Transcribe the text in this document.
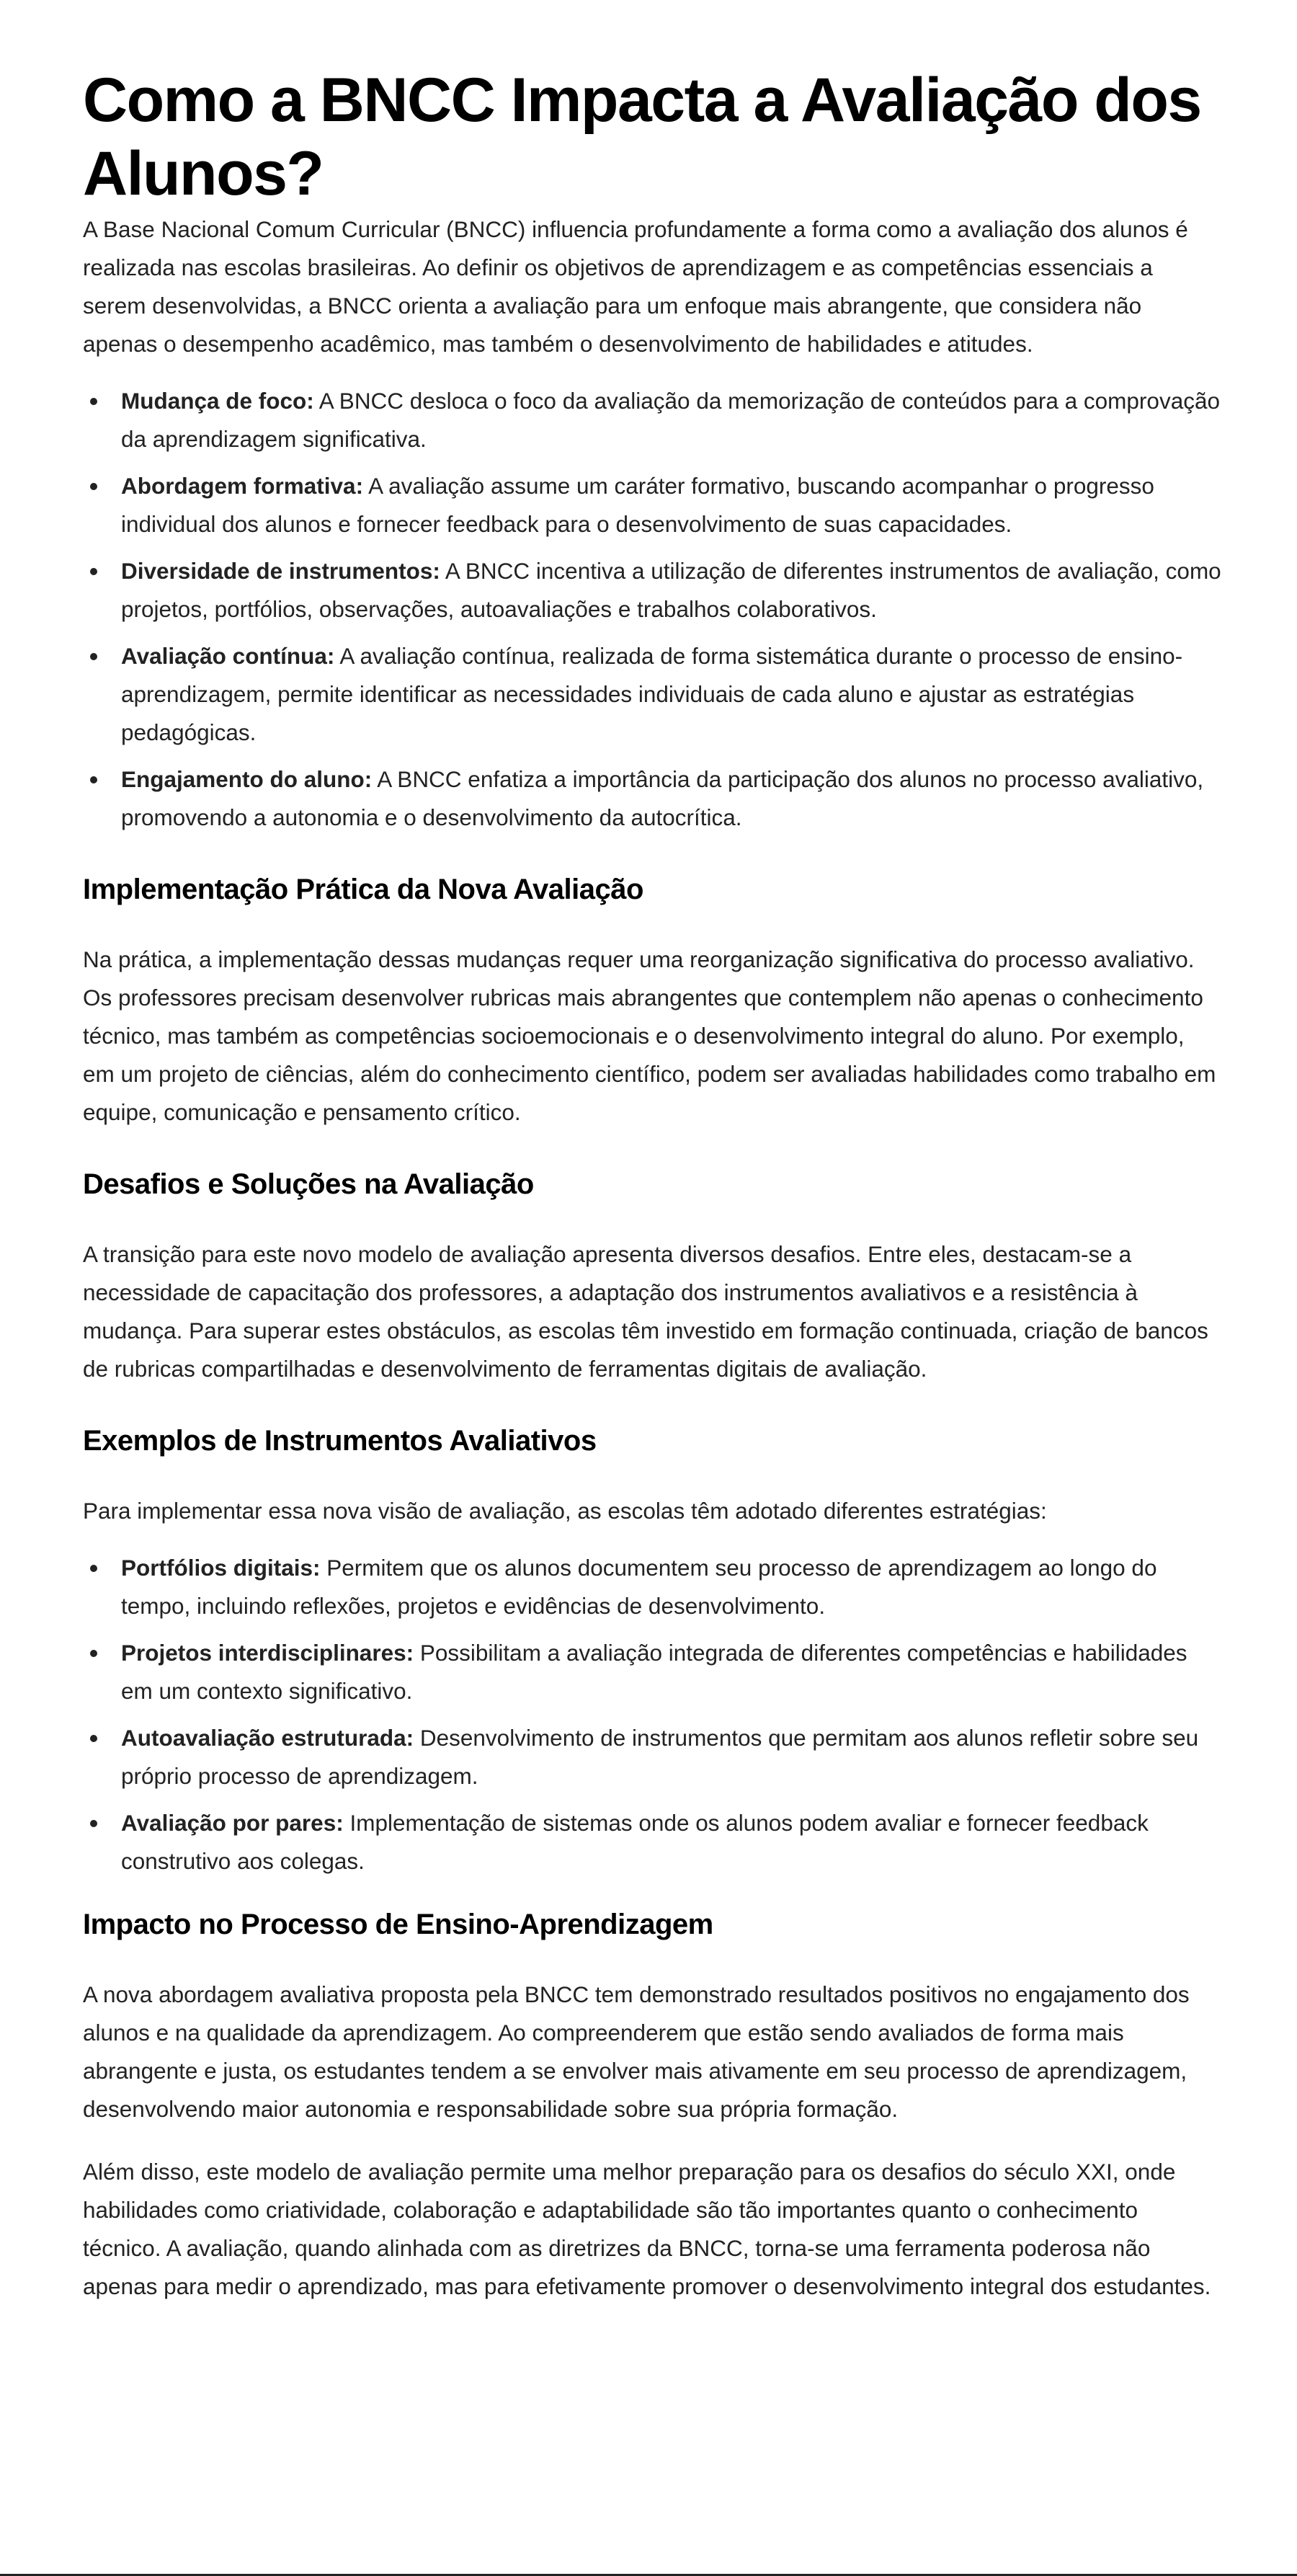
Como a BNCC Impacta a Avaliação dos Alunos?

A Base Nacional Comum Curricular (BNCC) influencia profundamente a forma como a avaliação dos alunos é realizada nas escolas brasileiras. Ao definir os objetivos de aprendizagem e as competências essenciais a serem desenvolvidas, a BNCC orienta a avaliação para um enfoque mais abrangente, que considera não apenas o desempenho acadêmico, mas também o desenvolvimento de habilidades e atitudes.

Mudança de foco: A BNCC desloca o foco da avaliação da memorização de conteúdos para a comprovação da aprendizagem significativa.
Abordagem formativa: A avaliação assume um caráter formativo, buscando acompanhar o progresso individual dos alunos e fornecer feedback para o desenvolvimento de suas capacidades.
Diversidade de instrumentos: A BNCC incentiva a utilização de diferentes instrumentos de avaliação, como projetos, portfólios, observações, autoavaliações e trabalhos colaborativos.
Avaliação contínua: A avaliação contínua, realizada de forma sistemática durante o processo de ensino-aprendizagem, permite identificar as necessidades individuais de cada aluno e ajustar as estratégias pedagógicas.
Engajamento do aluno: A BNCC enfatiza a importância da participação dos alunos no processo avaliativo, promovendo a autonomia e o desenvolvimento da autocrítica.
Implementação Prática da Nova Avaliação

Na prática, a implementação dessas mudanças requer uma reorganização significativa do processo avaliativo. Os professores precisam desenvolver rubricas mais abrangentes que contemplem não apenas o conhecimento técnico, mas também as competências socioemocionais e o desenvolvimento integral do aluno. Por exemplo, em um projeto de ciências, além do conhecimento científico, podem ser avaliadas habilidades como trabalho em equipe, comunicação e pensamento crítico.

Desafios e Soluções na Avaliação

A transição para este novo modelo de avaliação apresenta diversos desafios. Entre eles, destacam-se a necessidade de capacitação dos professores, a adaptação dos instrumentos avaliativos e a resistência à mudança. Para superar estes obstáculos, as escolas têm investido em formação continuada, criação de bancos de rubricas compartilhadas e desenvolvimento de ferramentas digitais de avaliação.

Exemplos de Instrumentos Avaliativos

Para implementar essa nova visão de avaliação, as escolas têm adotado diferentes estratégias:

Portfólios digitais: Permitem que os alunos documentem seu processo de aprendizagem ao longo do tempo, incluindo reflexões, projetos e evidências de desenvolvimento.
Projetos interdisciplinares: Possibilitam a avaliação integrada de diferentes competências e habilidades em um contexto significativo.
Autoavaliação estruturada: Desenvolvimento de instrumentos que permitam aos alunos refletir sobre seu próprio processo de aprendizagem.
Avaliação por pares: Implementação de sistemas onde os alunos podem avaliar e fornecer feedback construtivo aos colegas.
Impacto no Processo de Ensino-Aprendizagem

A nova abordagem avaliativa proposta pela BNCC tem demonstrado resultados positivos no engajamento dos alunos e na qualidade da aprendizagem. Ao compreenderem que estão sendo avaliados de forma mais abrangente e justa, os estudantes tendem a se envolver mais ativamente em seu processo de aprendizagem, desenvolvendo maior autonomia e responsabilidade sobre sua própria formação.

Além disso, este modelo de avaliação permite uma melhor preparação para os desafios do século XXI, onde habilidades como criatividade, colaboração e adaptabilidade são tão importantes quanto o conhecimento técnico. A avaliação, quando alinhada com as diretrizes da BNCC, torna-se uma ferramenta poderosa não apenas para medir o aprendizado, mas para efetivamente promover o desenvolvimento integral dos estudantes.
